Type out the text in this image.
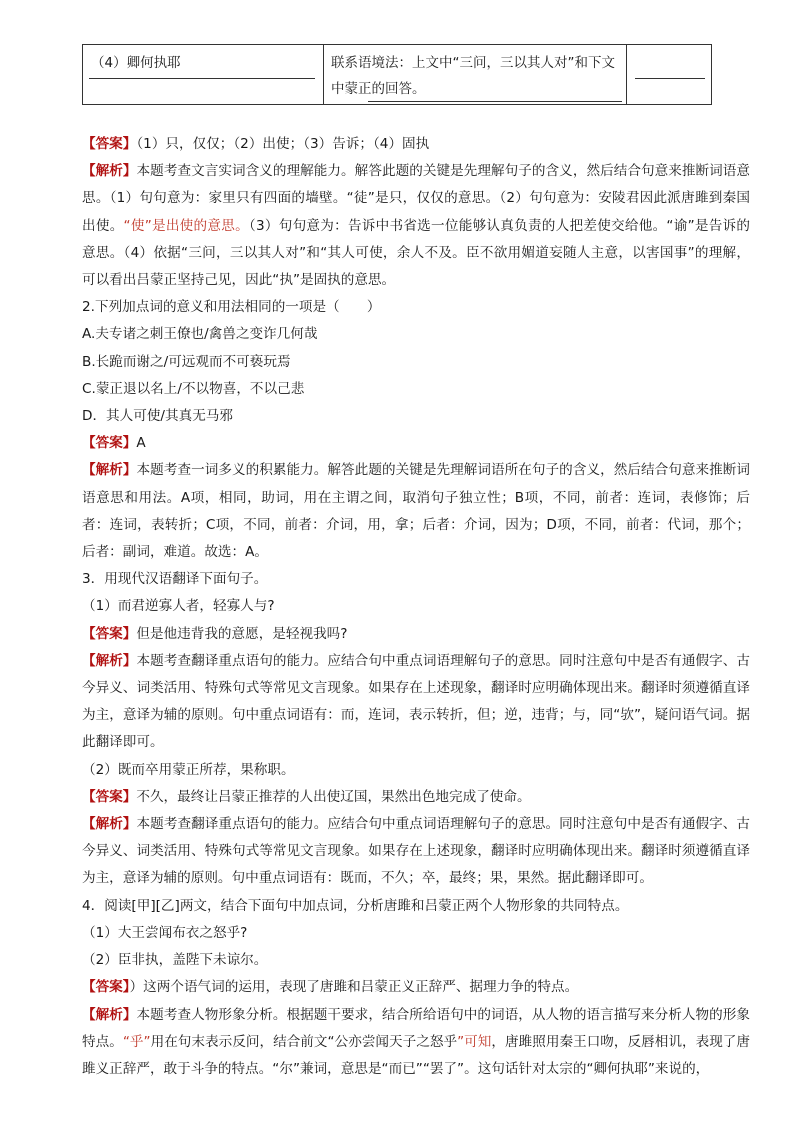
（4）卿何执耶	联系语境法：上文中“三问，三以其人对”和下文中蒙正的回答。

【答案】（1）只，仅仅；（2）出使；（3）告诉；（4）固执

【解析】本题考查文言实词含义的理解能力。解答此题的关键是先理解句子的含义，然后结合句意来推断词语意思。（1）句句意为：家里只有四面的墙壁。“徒”是只，仅仅的意思。（2）句句意为：安陵君因此派唐雎到秦国出使。“使”是出使的意思。（3）句句意为：告诉中书省选一位能够认真负责的人把差使交给他。“谕”是告诉的意思。（4）依据“三问，三以其人对”和“其人可使，余人不及。臣不欲用媚道妄随人主意，以害国事”的理解，可以看出吕蒙正坚持己见，因此“执”是固执的意思。

2.下列加点词的意义和用法相同的一项是（　　）

A.夫专诸之刺王僚也/禽兽之变诈几何哉

B.长跪而谢之/可远观而不可亵玩焉

C.蒙正退以名上/不以物喜，不以己悲

D．其人可使/其真无马邪

【答案】A

【解析】本题考查一词多义的积累能力。解答此题的关键是先理解词语所在句子的含义，然后结合句意来推断词语意思和用法。A项，相同，助词，用在主谓之间，取消句子独立性；B项，不同，前者：连词，表修饰；后者：连词，表转折；C项，不同，前者：介词，用，拿；后者：介词，因为；D项，不同，前者：代词，那个；后者：副词，难道。故选：A。

3．用现代汉语翻译下面句子。

（1）而君逆寡人者，轻寡人与?

【答案】但是他违背我的意愿，是轻视我吗?

【解析】本题考查翻译重点语句的能力。应结合句中重点词语理解句子的意思。同时注意句中是否有通假字、古今异义、词类活用、特殊句式等常见文言现象。如果存在上述现象，翻译时应明确体现出来。翻译时须遵循直译为主，意译为辅的原则。句中重点词语有：而，连词，表示转折，但；逆，违背；与，同“欤”，疑问语气词。据此翻译即可。

（2）既而卒用蒙正所荐，果称职。

【答案】不久，最终让吕蒙正推荐的人出使辽国，果然出色地完成了使命。

【解析】本题考查翻译重点语句的能力。应结合句中重点词语理解句子的意思。同时注意句中是否有通假字、古今异义、词类活用、特殊句式等常见文言现象。如果存在上述现象，翻译时应明确体现出来。翻译时须遵循直译为主，意译为辅的原则。句中重点词语有：既而，不久；卒，最终；果，果然。据此翻译即可。

4．阅读[甲][乙]两文，结合下面句中加点词，分析唐雎和吕蒙正两个人物形象的共同特点。

（1）大王尝闻布衣之怒乎?

（2）臣非执，盖陛下未谅尔。

【答案】）这两个语气词的运用，表现了唐雎和吕蒙正义正辞严、据理力争的特点。

【解析】本题考查人物形象分析。根据题干要求，结合所给语句中的词语，从人物的语言描写来分析人物的形象特点。“乎”用在句末表示反问，结合前文“公亦尝闻天子之怒乎”可知，唐雎照用秦王口吻，反唇相讥，表现了唐雎义正辞严，敢于斗争的特点。“尔”兼词，意思是“而已”“罢了”。这句话针对太宗的“卿何执耶”来说的，
